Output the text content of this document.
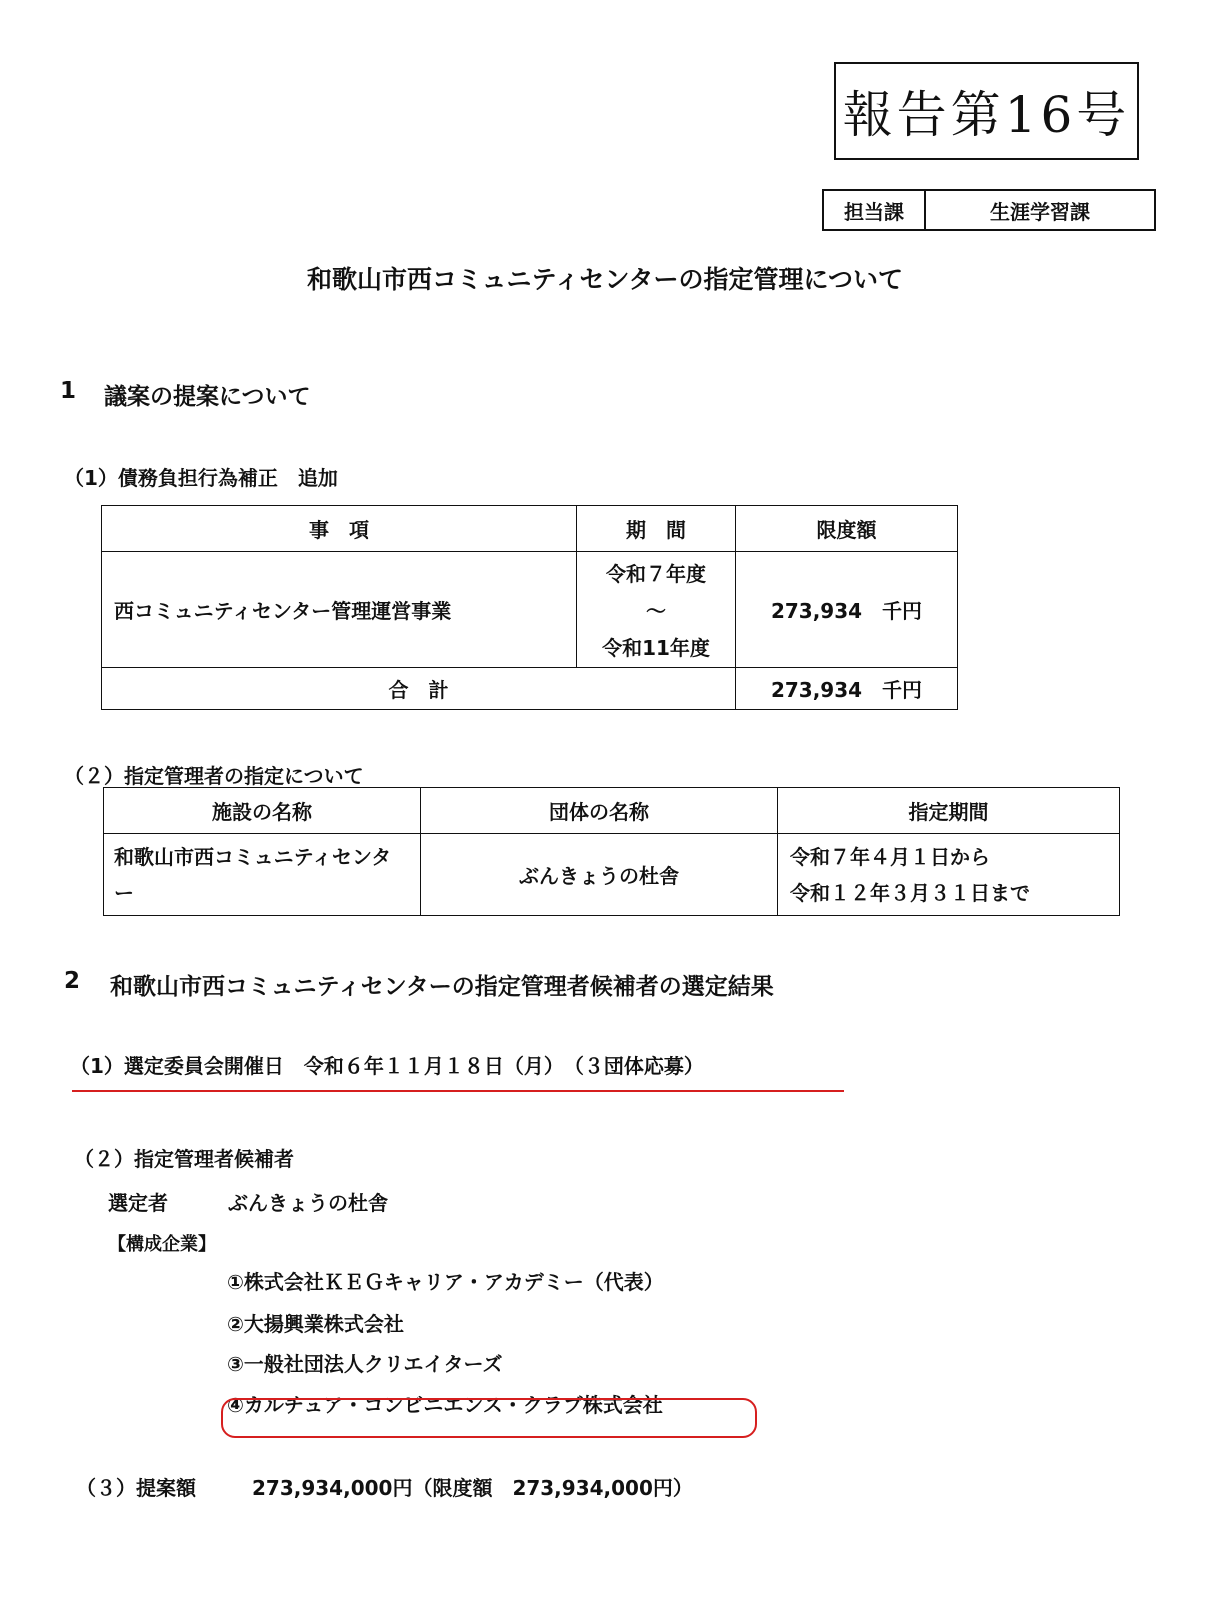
報告第16号
担当課	生涯学習課
和歌山市西コミュニティセンターの指定管理について
1 議案の提案について
（1）債務負担行為補正　追加
事　項	期　間	限度額
西コミュニティセンター管理運営事業	令和７年度
〜
令和11年度	273,934　千円
合　計		273,934　千円
（２）指定管理者の指定について
施設の名称	団体の名称	指定期間
和歌山市西コミュニティセンター	ぶんきょうの杜舎	令和７年４月１日から
令和１２年３月３１日まで
2 和歌山市西コミュニティセンターの指定管理者候補者の選定結果
（1）選定委員会開催日　令和６年１１月１８日（月）　（３団体応募）
（２）指定管理者候補者
選定者	ぶんきょうの杜舎
【構成企業】
①株式会社ＫＥＧキャリア・アカデミー（代表）
②大揚興業株式会社
③一般社団法人クリエイターズ
④カルチュア・コンビニエンス・クラブ株式会社
（３）提案額	273,934,000円（限度額　273,934,000円）
